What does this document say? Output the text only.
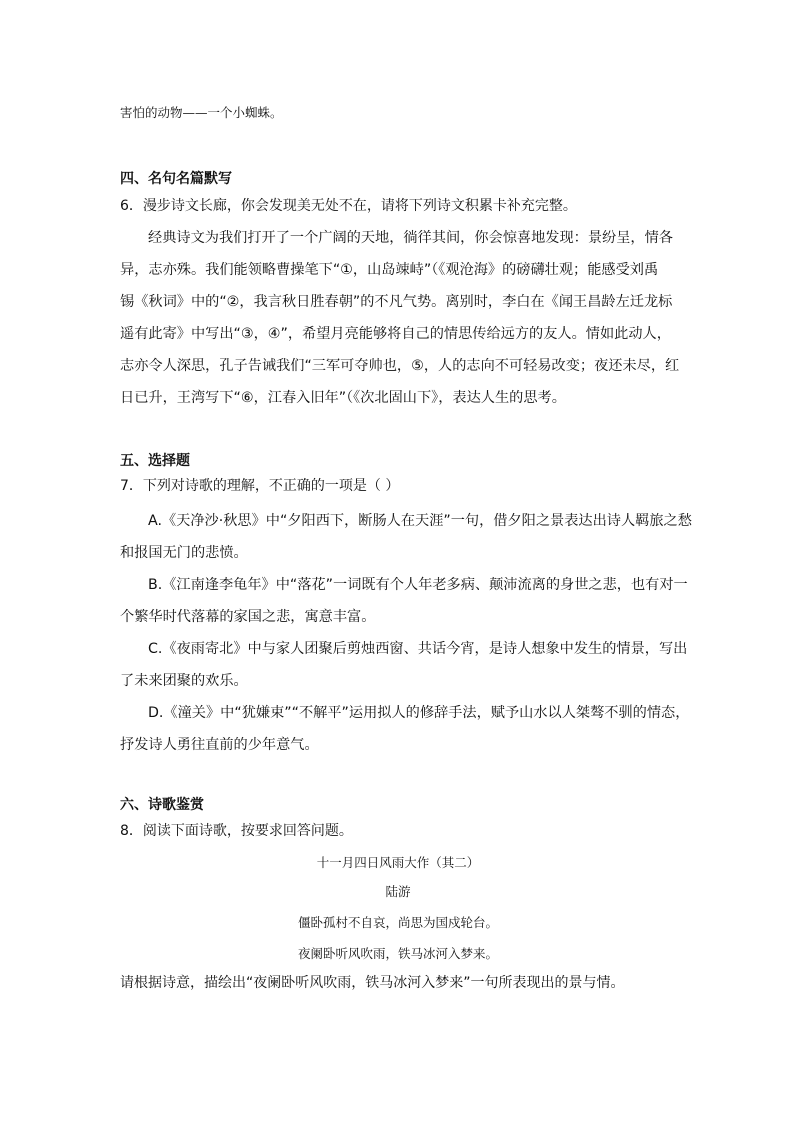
害怕的动物——一个小蜘蛛。
四、名句名篇默写
6．漫步诗文长廊，你会发现美无处不在，请将下列诗文积累卡补充完整。

经典诗文为我们打开了一个广阔的天地，徜徉其间，你会惊喜地发现：景纷呈，情各

异，志亦殊。我们能领略曹操笔下“①，山岛竦峙”（《观沧海》的磅礴壮观；能感受刘禹

锡《秋词》中的“②，我言秋日胜春朝”的不凡气势。离别时，李白在《闻王昌龄左迁龙标

遥有此寄》中写出“③，④”，希望月亮能够将自己的情思传给远方的友人。情如此动人，

志亦令人深思，孔子告诫我们“三军可夺帅也，⑤，人的志向不可轻易改变；夜还未尽，红

日已升，王湾写下“⑥，江春入旧年”（《次北固山下》，表达人生的思考。

五、选择题
7．下列对诗歌的理解，不正确的一项是（ ）

A.《天净沙·秋思》中“夕阳西下，断肠人在天涯”一句，借夕阳之景表达出诗人羁旅之愁

和报国无门的悲愤。

B.《江南逢李龟年》中“落花”一词既有个人年老多病、颠沛流离的身世之悲，也有对一

个繁华时代落幕的家国之悲，寓意丰富。

C.《夜雨寄北》中与家人团聚后剪烛西窗、共话今宵，是诗人想象中发生的情景，写出

了未来团聚的欢乐。

D.《潼关》中“犹嫌束”“不解平”运用拟人的修辞手法，赋予山水以人桀骜不驯的情态，

抒发诗人勇往直前的少年意气。

六、诗歌鉴赏
8．阅读下面诗歌，按要求回答问题。
十一月四日风雨大作（其二）
陆游
僵卧孤村不自哀，尚思为国戍轮台。
夜阑卧听风吹雨，铁马冰河入梦来。
请根据诗意，描绘出“夜阑卧听风吹雨，铁马冰河入梦来”一句所表现出的景与情。
